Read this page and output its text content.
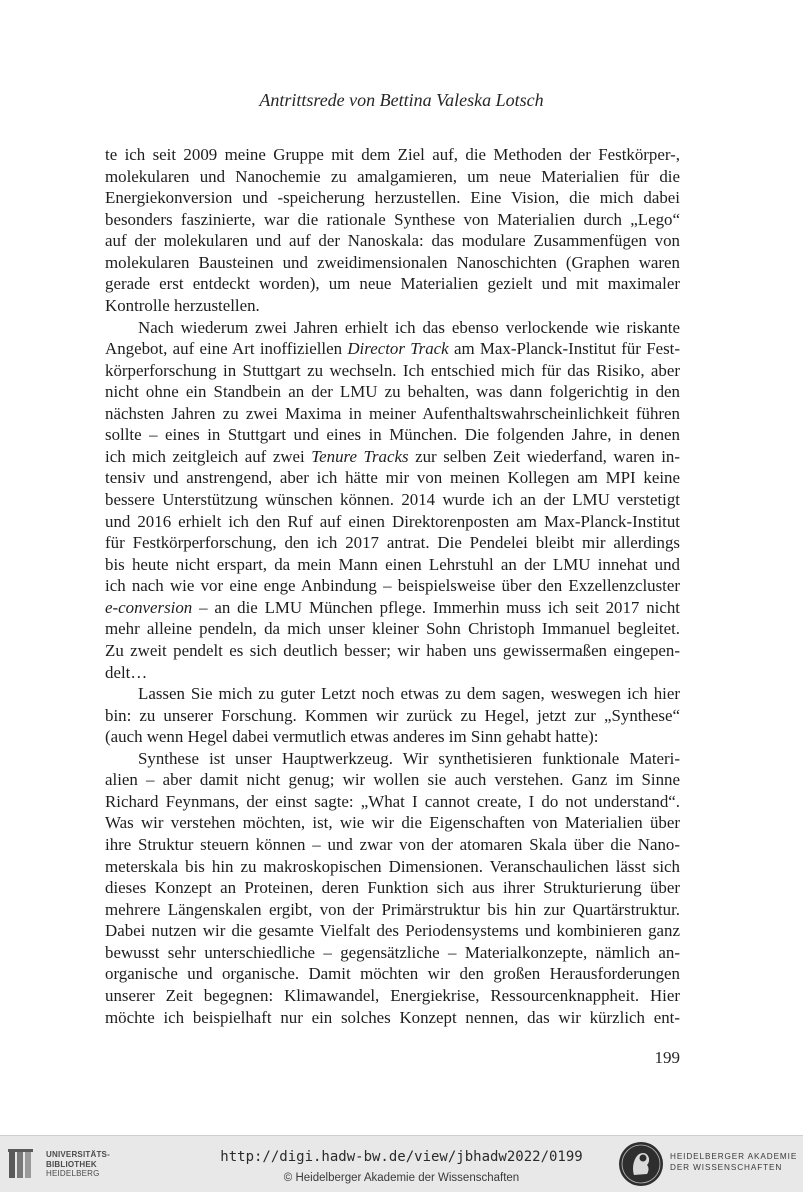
Antrittsrede von Bettina Valeska Lotsch

te ich seit 2009 meine Gruppe mit dem Ziel auf, die Methoden der Festkörper-,
molekularen und Nanochemie zu amalgamieren, um neue Materialien für die
Energiekonversion und -speicherung herzustellen. Eine Vision, die mich dabei
besonders faszinierte, war die rationale Synthese von Materialien durch „Lego“
auf der molekularen und auf der Nanoskala: das modulare Zusammenfügen von
molekularen Bausteinen und zweidimensionalen Nanoschichten (Graphen waren
gerade erst entdeckt worden), um neue Materialien gezielt und mit maximaler
Kontrolle herzustellen.

Nach wiederum zwei Jahren erhielt ich das ebenso verlockende wie riskante
Angebot, auf eine Art inoffiziellen Director Track am Max-Planck-Institut für Fest-
körperforschung in Stuttgart zu wechseln. Ich entschied mich für das Risiko, aber
nicht ohne ein Standbein an der LMU zu behalten, was dann folgerichtig in den
nächsten Jahren zu zwei Maxima in meiner Aufenthaltswahrscheinlichkeit führen
sollte – eines in Stuttgart und eines in München. Die folgenden Jahre, in denen
ich mich zeitgleich auf zwei Tenure Tracks zur selben Zeit wiederfand, waren in-
tensiv und anstrengend, aber ich hätte mir von meinen Kollegen am MPI keine
bessere Unterstützung wünschen können. 2014 wurde ich an der LMU verstetigt
und 2016 erhielt ich den Ruf auf einen Direktorenposten am Max-Planck-Institut
für Festkörperforschung, den ich 2017 antrat. Die Pendelei bleibt mir allerdings
bis heute nicht erspart, da mein Mann einen Lehrstuhl an der LMU innehat und
ich nach wie vor eine enge Anbindung – beispielsweise über den Exzellenzcluster
e-conversion – an die LMU München pflege. Immerhin muss ich seit 2017 nicht
mehr alleine pendeln, da mich unser kleiner Sohn Christoph Immanuel begleitet.
Zu zweit pendelt es sich deutlich besser; wir haben uns gewissermaßen eingepen-
delt…

Lassen Sie mich zu guter Letzt noch etwas zu dem sagen, weswegen ich hier
bin: zu unserer Forschung. Kommen wir zurück zu Hegel, jetzt zur „Synthese“
(auch wenn Hegel dabei vermutlich etwas anderes im Sinn gehabt hatte):

Synthese ist unser Hauptwerkzeug. Wir synthetisieren funktionale Materi-
alien – aber damit nicht genug; wir wollen sie auch verstehen. Ganz im Sinne
Richard Feynmans, der einst sagte: „What I cannot create, I do not understand“.
Was wir verstehen möchten, ist, wie wir die Eigenschaften von Materialien über
ihre Struktur steuern können – und zwar von der atomaren Skala über die Nano-
meterskala bis hin zu makroskopischen Dimensionen. Veranschaulichen lässt sich
dieses Konzept an Proteinen, deren Funktion sich aus ihrer Strukturierung über
mehrere Längenskalen ergibt, von der Primärstruktur bis hin zur Quartärstruktur.
Dabei nutzen wir die gesamte Vielfalt des Periodensystems und kombinieren ganz
bewusst sehr unterschiedliche – gegensätzliche – Materialkonzepte, nämlich an-
organische und organische. Damit möchten wir den großen Herausforderungen
unserer Zeit begegnen: Klimawandel, Energiekrise, Ressourcenknappheit. Hier
möchte ich beispielhaft nur ein solches Konzept nennen, das wir kürzlich ent-

199
UNIVERSITÄTS-
BIBLIOTHEK
HEIDELBERG
http://digi.hadw-bw.de/view/jbhadw2022/0199
© Heidelberger Akademie der Wissenschaften
HEIDELBERGER AKADEMIE
DER WISSENSCHAFTEN
